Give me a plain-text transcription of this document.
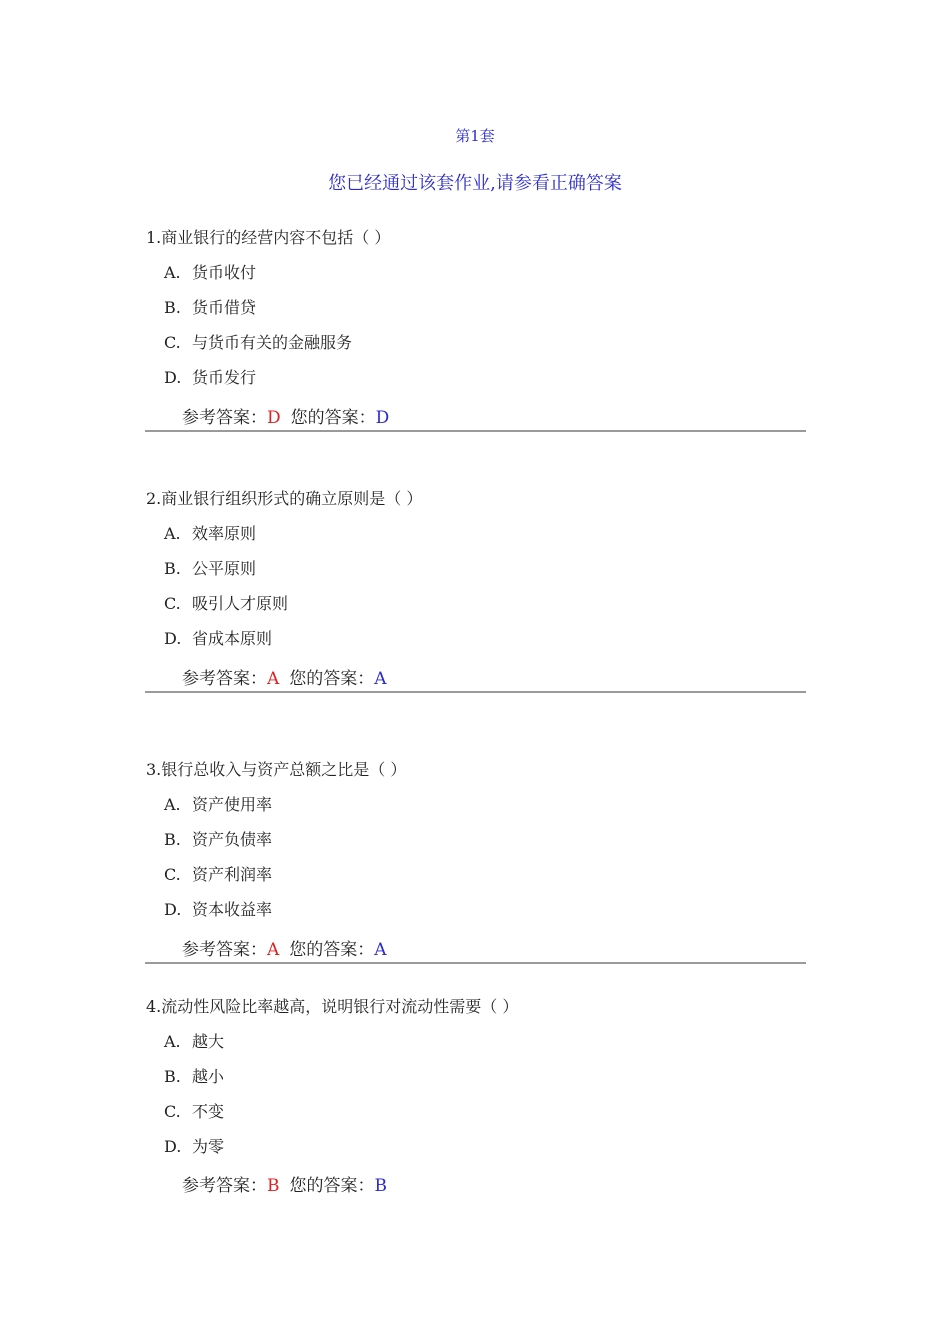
第1套
您已经通过该套作业,请参看正确答案
1.商业银行的经营内容不包括（ ）
A. 货币收付
B. 货币借贷
C. 与货币有关的金融服务
D. 货币发行
参考答案：D 您的答案：D
2.商业银行组织形式的确立原则是（ ）
A. 效率原则
B. 公平原则
C. 吸引人才原则
D. 省成本原则
参考答案：A 您的答案：A
3.银行总收入与资产总额之比是（ ）
A. 资产使用率
B. 资产负债率
C. 资产利润率
D. 资本收益率
参考答案：A 您的答案：A
4.流动性风险比率越高，说明银行对流动性需要（ ）
A. 越大
B. 越小
C. 不变
D. 为零
参考答案：B 您的答案：B
